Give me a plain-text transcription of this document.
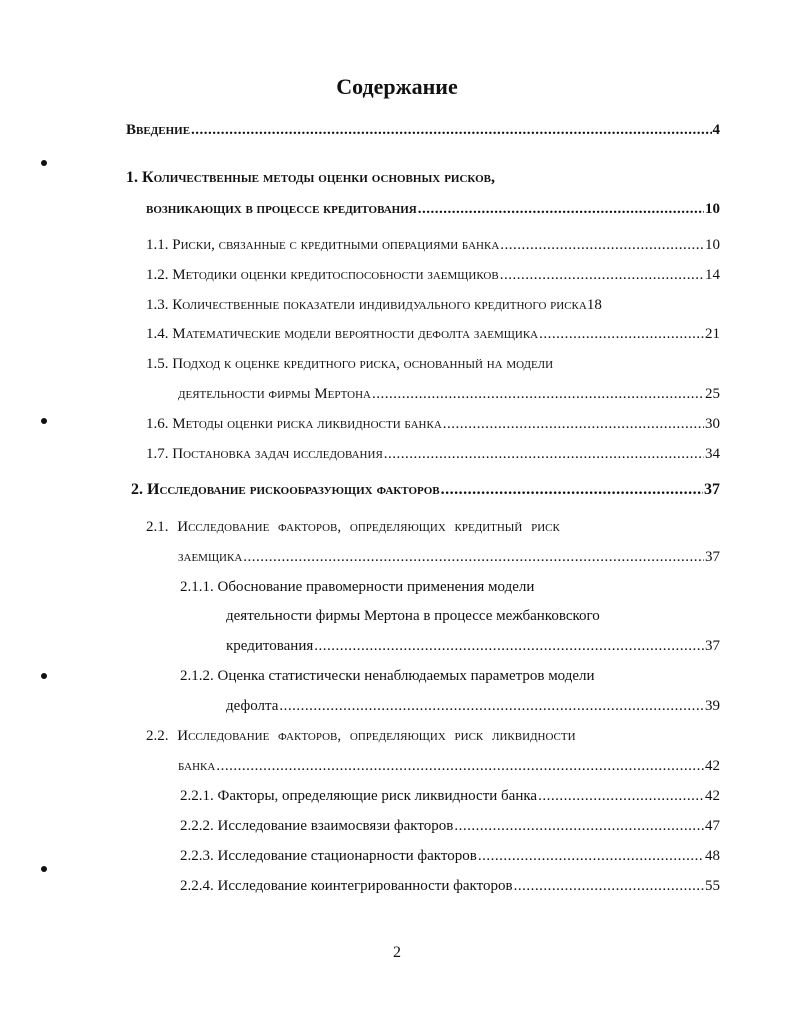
Содержание
Введение .....	4
1. Количественные методы оценки основных рисков,
возникающих в процессе кредитования .....	10
1.1. Риски, связанные с кредитными операциями банка .....	10
1.2. Методики оценки кредитоспособности заемщиков .....	14
1.3. Количественные показатели индивидуального кредитного риска 18
1.4. Математические модели вероятности дефолта заемщика .....	21
1.5. Подход к оценке кредитного риска, основанный на модели
деятельности фирмы Мертона .....	25
1.6. Методы оценки риска ликвидности банка .....	30
1.7. Постановка задач исследования .....	34
2. Исследование рискообразующих факторов .....	37
2.1. Исследование факторов, определяющих кредитный риск
заемщика .....	37
2.1.1. Обоснование правомерности применения модели
деятельности фирмы Мертона в процессе межбанковского
кредитования .....	37
2.1.2. Оценка статистически ненаблюдаемых параметров модели
дефолта .....	39
2.2. Исследование факторов, определяющих риск ликвидности
банка .....	42
2.2.1. Факторы, определяющие риск ликвидности банка .....	42
2.2.2. Исследование взаимосвязи факторов .....	47
2.2.3. Исследование стационарности факторов .....	48
2.2.4. Исследование коинтегрированности факторов .....	55
2
